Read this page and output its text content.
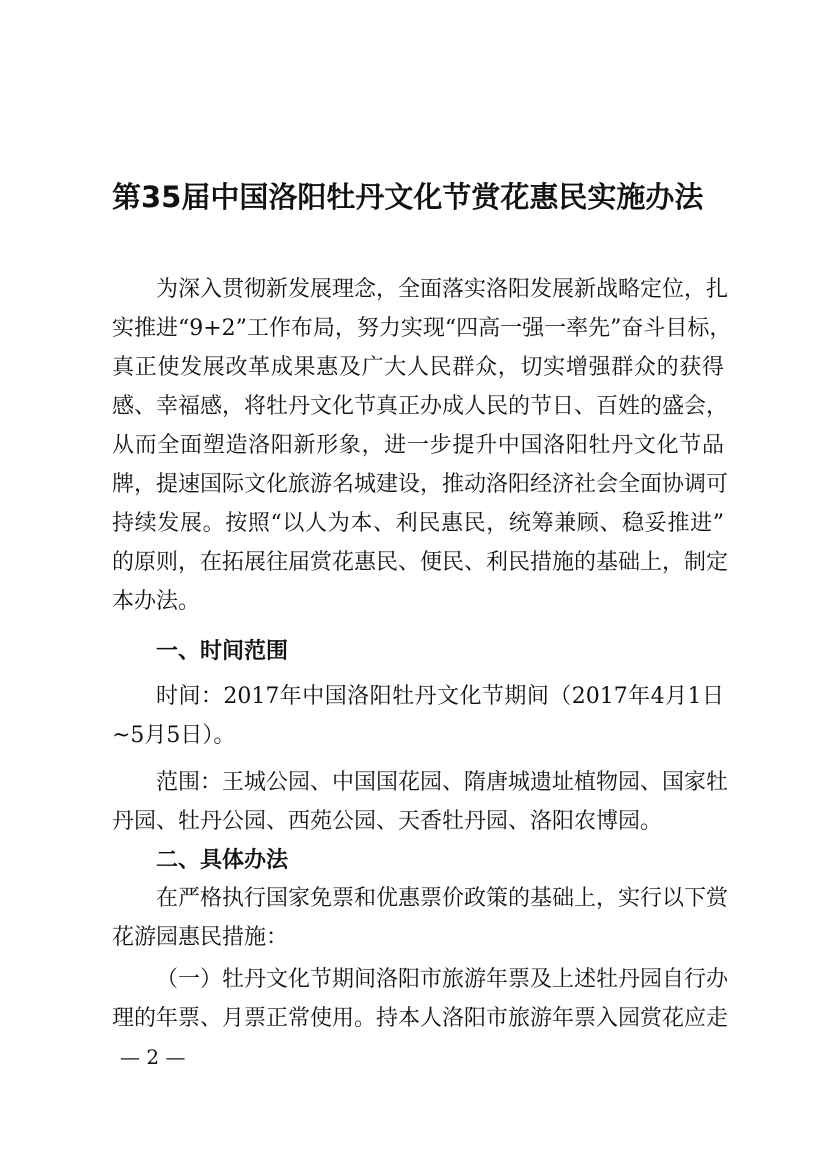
第35届中国洛阳牡丹文化节赏花惠民实施办法
为深入贯彻新发展理念，全面落实洛阳发展新战略定位，扎
实推进“9+2”工作布局，努力实现“四高一强一率先”奋斗目标，
真正使发展改革成果惠及广大人民群众，切实增强群众的获得
感、幸福感，将牡丹文化节真正办成人民的节日、百姓的盛会，
从而全面塑造洛阳新形象，进一步提升中国洛阳牡丹文化节品
牌，提速国际文化旅游名城建设，推动洛阳经济社会全面协调可
持续发展。按照“以人为本、利民惠民，统筹兼顾、稳妥推进”
的原则，在拓展往届赏花惠民、便民、利民措施的基础上，制定
本办法。
一、时间范围
时间：2017年中国洛阳牡丹文化节期间（2017年4月1日
~5月5日）。
范围：王城公园、中国国花园、隋唐城遗址植物园、国家牡
丹园、牡丹公园、西苑公园、天香牡丹园、洛阳农博园。
二、具体办法
在严格执行国家免票和优惠票价政策的基础上，实行以下赏
花游园惠民措施：
（一）牡丹文化节期间洛阳市旅游年票及上述牡丹园自行办
理的年票、月票正常使用。持本人洛阳市旅游年票入园赏花应走
— 2 —
